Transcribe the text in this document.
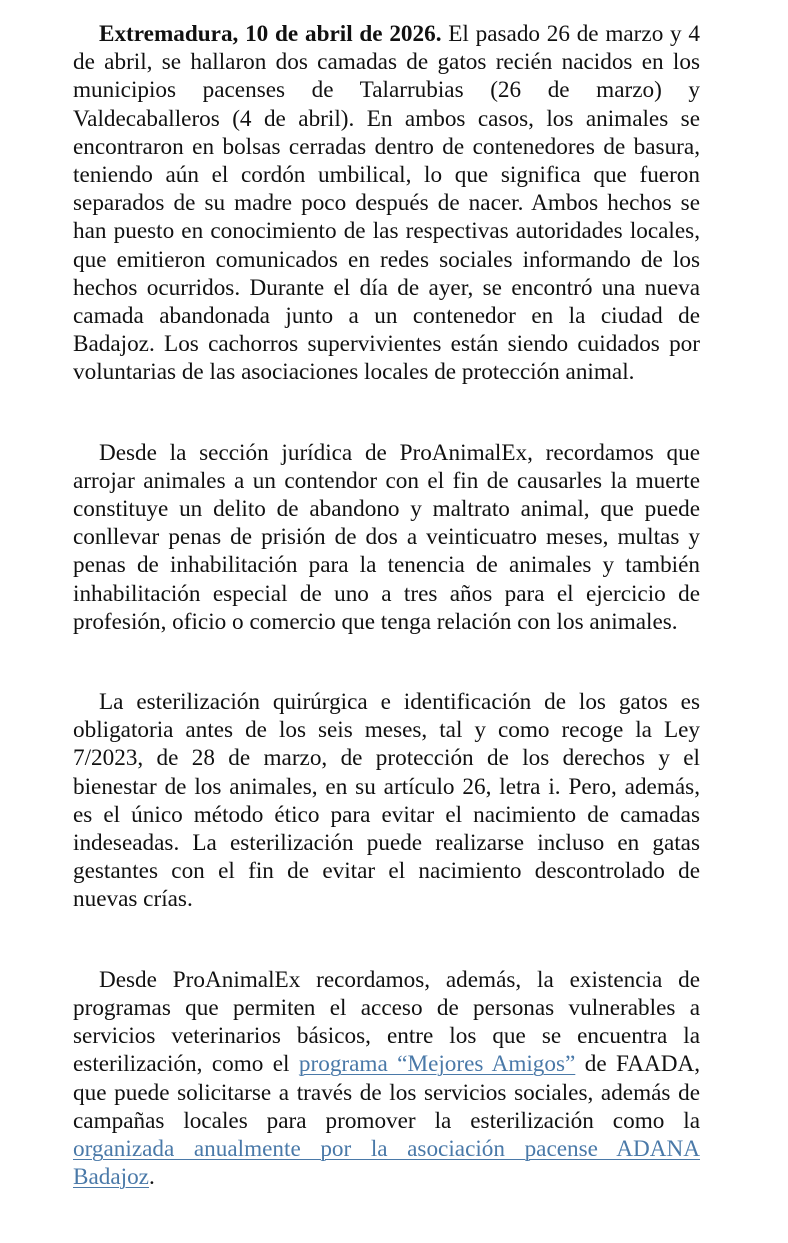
Extremadura, 10 de abril de 2026. El pasado 26 de marzo y 4 de abril, se hallaron dos camadas de gatos recién nacidos en los municipios pacenses de Talarrubias (26 de marzo) y Valdecaballeros (4 de abril). En ambos casos, los animales se encontraron en bolsas cerradas dentro de contenedores de basura, teniendo aún el cordón umbilical, lo que significa que fueron separados de su madre poco después de nacer. Ambos hechos se han puesto en conocimiento de las respectivas autoridades locales, que emitieron comunicados en redes sociales informando de los hechos ocurridos. Durante el día de ayer, se encontró una nueva camada abandonada junto a un contenedor en la ciudad de Badajoz. Los cachorros supervivientes están siendo cuidados por voluntarias de las asociaciones locales de protección animal.

Desde la sección jurídica de ProAnimalEx, recordamos que arrojar animales a un contendor con el fin de causarles la muerte constituye un delito de abandono y maltrato animal, que puede conllevar penas de prisión de dos a veinticuatro meses, multas y penas de inhabilitación para la tenencia de animales y también inhabilitación especial de uno a tres años para el ejercicio de profesión, oficio o comercio que tenga relación con los animales.

La esterilización quirúrgica e identificación de los gatos es obligatoria antes de los seis meses, tal y como recoge la Ley 7/2023, de 28 de marzo, de protección de los derechos y el bienestar de los animales, en su artículo 26, letra i. Pero, además, es el único método ético para evitar el nacimiento de camadas indeseadas. La esterilización puede realizarse incluso en gatas gestantes con el fin de evitar el nacimiento descontrolado de nuevas crías.

Desde ProAnimalEx recordamos, además, la existencia de programas que permiten el acceso de personas vulnerables a servicios veterinarios básicos, entre los que se encuentra la esterilización, como el programa “Mejores Amigos” de FAADA, que puede solicitarse a través de los servicios sociales, además de campañas locales para promover la esterilización como la organizada anualmente por la asociación pacense ADANA Badajoz.
